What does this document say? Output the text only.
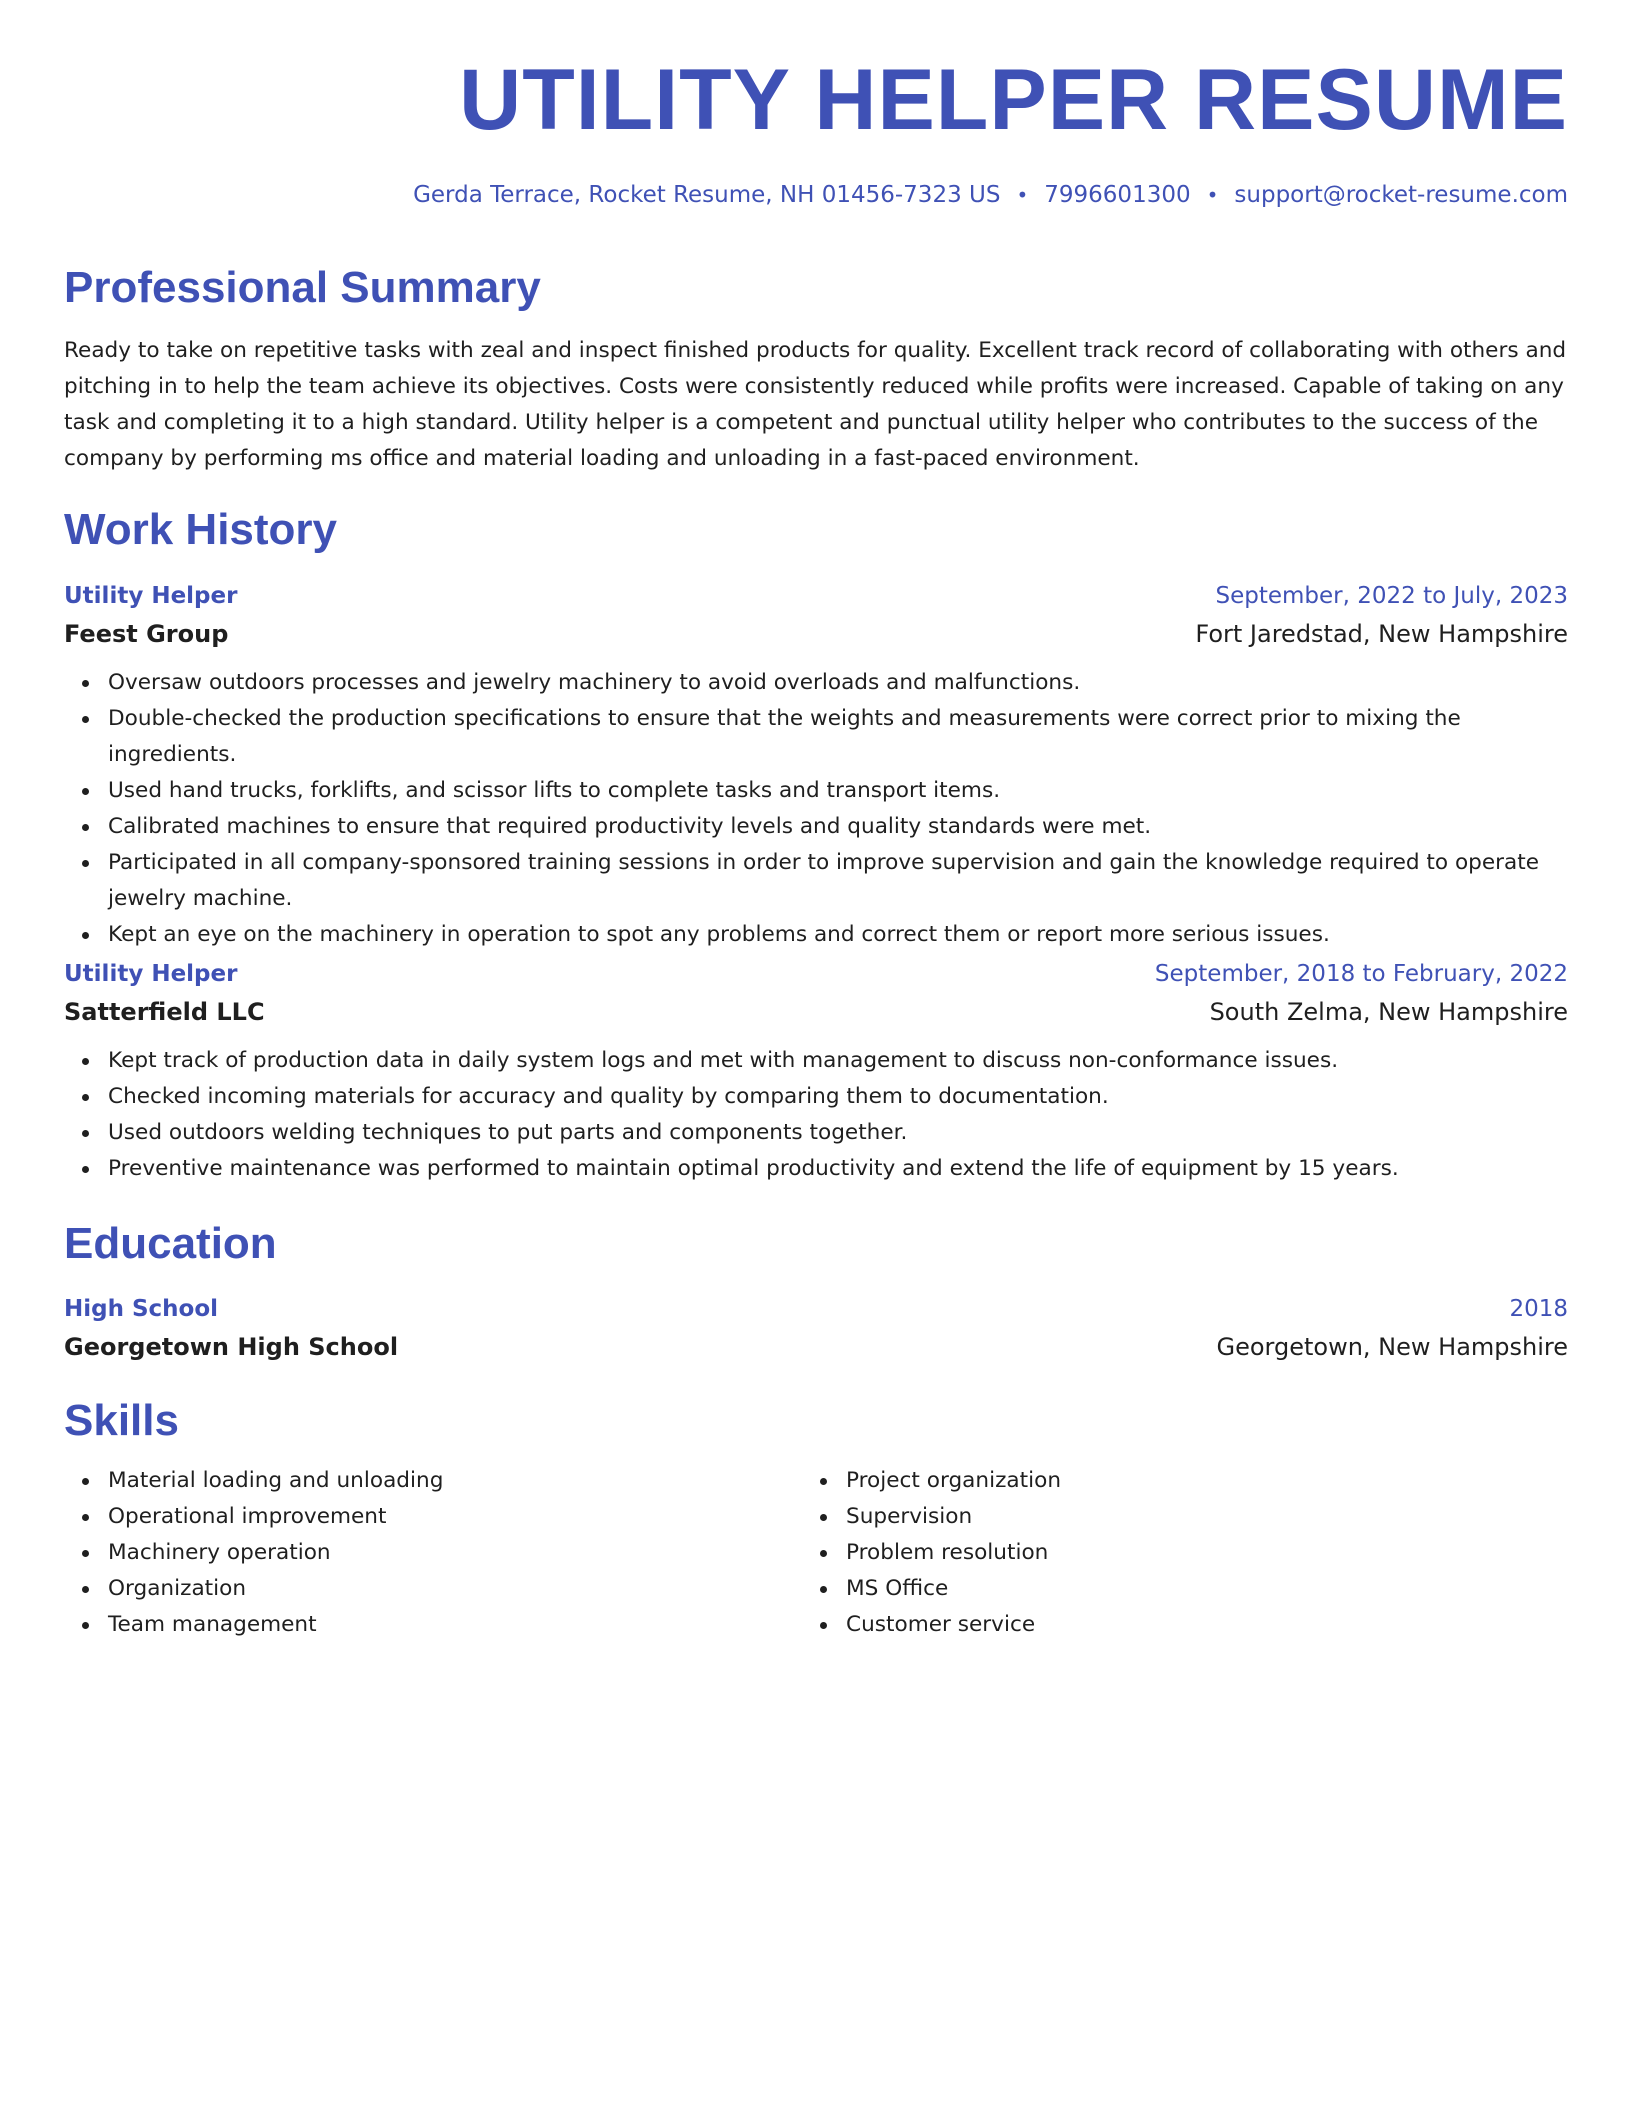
UTILITY HELPER RESUME
Gerda Terrace, Rocket Resume, NH 01456-7323 US • 7996601300 • support@rocket-resume.com
Professional Summary

Ready to take on repetitive tasks with zeal and inspect finished products for quality. Excellent track record of collaborating with others and pitching in to help the team achieve its objectives. Costs were consistently reduced while profits were increased. Capable of taking on any task and completing it to a high standard. Utility helper is a competent and punctual utility helper who contributes to the success of the company by performing ms office and material loading and unloading in a fast-paced environment.

Work History
Utility Helper	September, 2022 to July, 2023
Feest Group	Fort Jaredstad, New Hampshire
Oversaw outdoors processes and jewelry machinery to avoid overloads and malfunctions.
Double-checked the production specifications to ensure that the weights and measurements were correct prior to mixing the ingredients.
Used hand trucks, forklifts, and scissor lifts to complete tasks and transport items.
Calibrated machines to ensure that required productivity levels and quality standards were met.
Participated in all company-sponsored training sessions in order to improve supervision and gain the knowledge required to operate jewelry machine.
Kept an eye on the machinery in operation to spot any problems and correct them or report more serious issues.
Utility Helper	September, 2018 to February, 2022
Satterfield LLC	South Zelma, New Hampshire
Kept track of production data in daily system logs and met with management to discuss non-conformance issues.
Checked incoming materials for accuracy and quality by comparing them to documentation.
Used outdoors welding techniques to put parts and components together.
Preventive maintenance was performed to maintain optimal productivity and extend the life of equipment by 15 years.
Education
High School	2018
Georgetown High School	Georgetown, New Hampshire
Skills
Material loading and unloading
Operational improvement
Machinery operation
Organization
Team management
Project organization
Supervision
Problem resolution
MS Office
Customer service
